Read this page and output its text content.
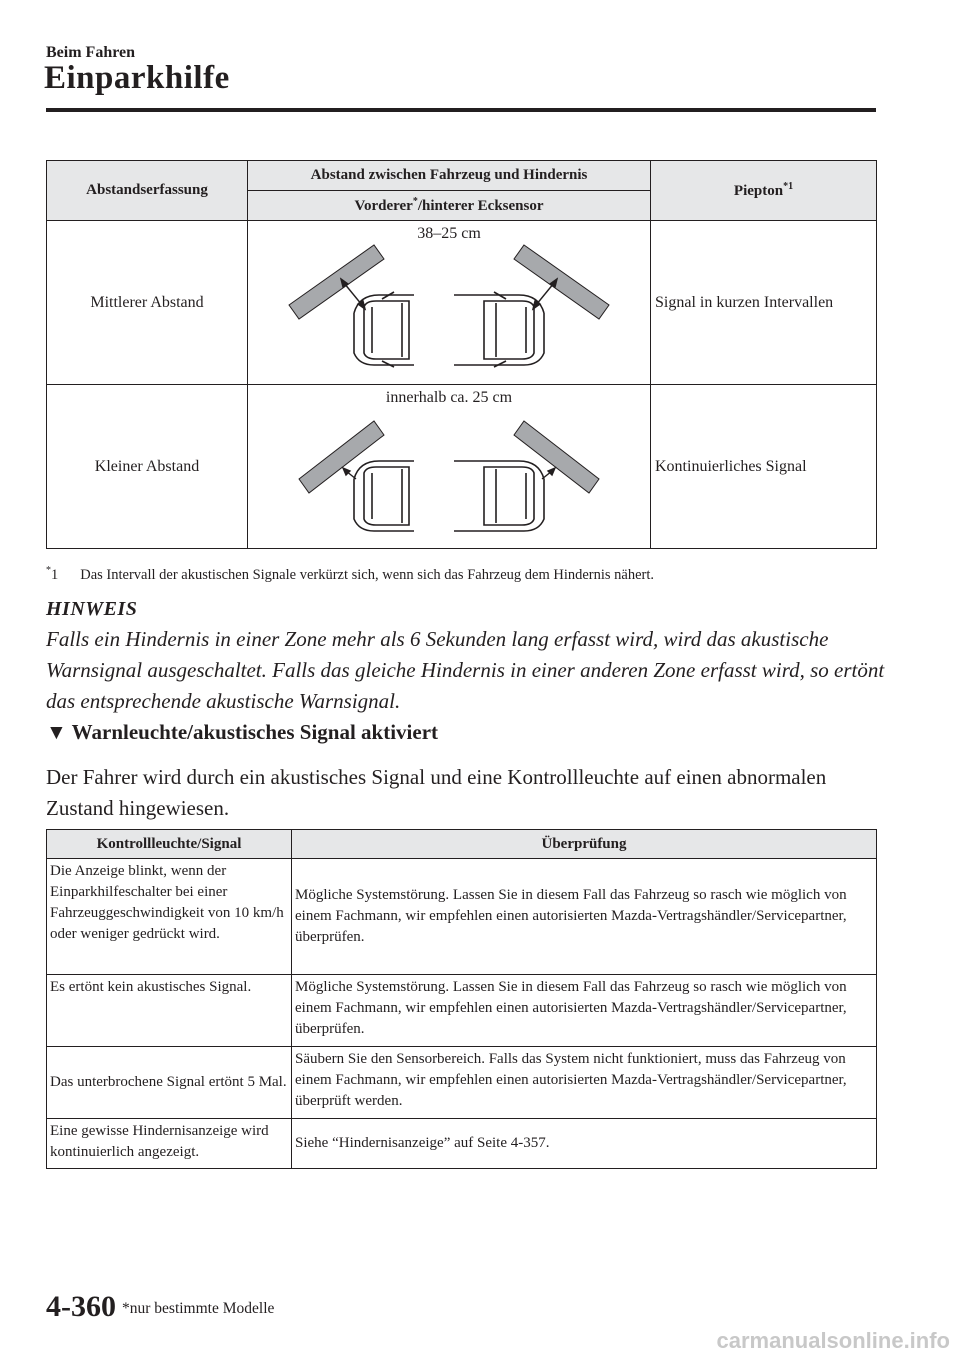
Beim Fahren
Einparkhilfe
Abstandserfassung	Abstand zwischen Fahrzeug und Hindernis	Piepton$^{*1}$
	Vorderer*/hinterer Ecksensor	
Mittlerer Abstand	38–25 cm	Signal in kurzen Intervallen
Kleiner Abstand	innerhalb ca. 25 cm	Kontinuierliches Signal
*1 Das Intervall der akustischen Signale verkürzt sich, wenn sich das Fahrzeug dem Hindernis nähert.
HINWEIS
Falls ein Hindernis in einer Zone mehr als 6 Sekunden lang erfasst wird, wird das akustische Warnsignal ausgeschaltet. Falls das gleiche Hindernis in einer anderen Zone erfasst wird, so ertönt das entsprechende akustische Warnsignal.
▼ Warnleuchte/akustisches Signal aktiviert
Der Fahrer wird durch ein akustisches Signal und eine Kontrollleuchte auf einen abnormalen Zustand hingewiesen.
Kontrollleuchte/Signal	Überprüfung
Die Anzeige blinkt, wenn der Einparkhilfeschalter bei einer Fahrzeuggeschwindigkeit von 10 km/h oder weniger gedrückt wird.	Mögliche Systemstörung. Lassen Sie in diesem Fall das Fahrzeug so rasch wie möglich von einem Fachmann, wir empfehlen einen autorisierten Mazda-Vertragshändler/Servicepartner, überprüfen.
Es ertönt kein akustisches Signal.	Mögliche Systemstörung. Lassen Sie in diesem Fall das Fahrzeug so rasch wie möglich von einem Fachmann, wir empfehlen einen autorisierten Mazda-Vertragshändler/Servicepartner, überprüfen.
Das unterbrochene Signal ertönt 5 Mal.	Säubern Sie den Sensorbereich. Falls das System nicht funktioniert, muss das Fahrzeug von einem Fachmann, wir empfehlen einen autorisierten Mazda-Vertragshändler/Servicepartner, überprüft werden.
Eine gewisse Hindernisanzeige wird kontinuierlich angezeigt.	Siehe “Hindernisanzeige” auf Seite 4-357.
4-360 *nur bestimmte Modelle
carmanualsonline.info
